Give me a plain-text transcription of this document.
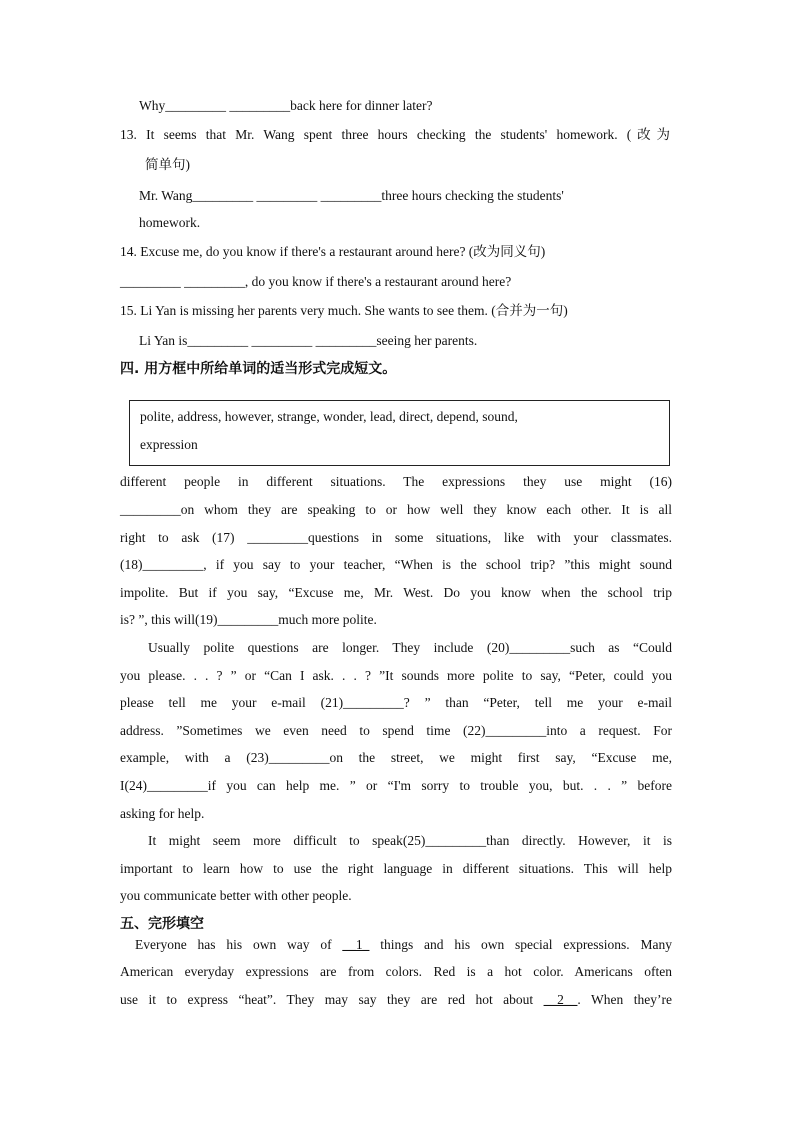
Why_________ _________back here for dinner later?
13. It seems that Mr. Wang spent three hours checking the students' homework. (改为
简单句)
Mr. Wang_________ _________ _________three hours checking the students'
homework.
14. Excuse me, do you know if there's a restaurant around here? (改为同义句)
_________ _________, do you know if there's a restaurant around here?
15. Li Yan is missing her parents very much. She wants to see them. (合并为一句)
Li Yan is_________ _________ _________seeing her parents.
四. 用方框中所给单词的适当形式完成短文。
polite, address, however, strange, wonder, lead, direct, depend, sound,
expression
different people in different situations. The expressions they use might (16)
_________on whom they are speaking to or how well they know each other. It is all
right to ask (17) _________questions in some situations, like with your classmates.
(18)_________, if you say to your teacher, “When is the school trip? ”this might sound
impolite. But if you say, “Excuse me, Mr. West. Do you know when the school trip
is? ”, this will(19)_________much more polite.
Usually polite questions are longer. They include (20)_________such as “Could
you please. . . ? ” or “Can I ask. . . ? ”It sounds more polite to say, “Peter, could you
please tell me your e-mail (21)_________? ” than “Peter, tell me your e-mail
address. ”Sometimes we even need to spend time (22)_________into a request. For
example, with a (23)_________on the street, we might first say, “Excuse me,
I(24)_________if you can help me. ” or “I'm sorry to trouble you, but. . . ” before
asking for help.
It might seem more difficult to speak(25)_________than directly. However, it is
important to learn how to use the right language in different situations. This will help
you communicate better with other people.
五、完形填空
Everyone has his own way of __1_ things and his own special expressions. Many
American everyday expressions are from colors. Red is a hot color. Americans often
use it to express “heat”. They may say they are red hot about __2__. When they’re
